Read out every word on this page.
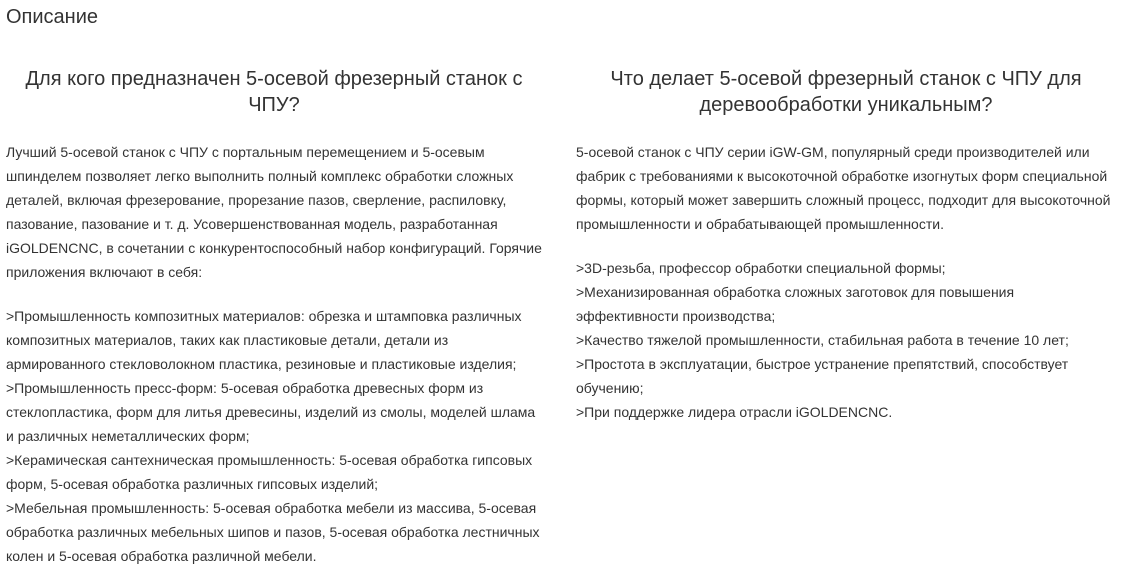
Описание
Для кого предназначен 5-осевой фрезерный станок с ЧПУ?

Лучший 5-осевой станок с ЧПУ с портальным перемещением и 5-осевым шпинделем позволяет легко выполнить полный комплекс обработки сложных деталей, включая фрезерование, прорезание пазов, сверление, распиловку, пазование, пазование и т. д. Усовершенствованная модель, разработанная iGOLDENCNC, в сочетании с конкурентоспособный набор конфигураций. Горячие приложения включают в себя:

>Промышленность композитных материалов: обрезка и штамповка различных композитных материалов, таких как пластиковые детали, детали из армированного стекловолокном пластика, резиновые и пластиковые изделия;

>Промышленность пресс-форм: 5-осевая обработка древесных форм из стеклопластика, форм для литья древесины, изделий из смолы, моделей шлама и различных неметаллических форм;

>Керамическая сантехническая промышленность: 5-осевая обработка гипсовых форм, 5-осевая обработка различных гипсовых изделий;

>Мебельная промышленность: 5-осевая обработка мебели из массива, 5-осевая обработка различных мебельных шипов и пазов, 5-осевая обработка лестничных колен и 5-осевая обработка различной мебели.

Что делает 5-осевой фрезерный станок с ЧПУ для деревообработки уникальным?

5-осевой станок с ЧПУ серии iGW-GM, популярный среди производителей или фабрик с требованиями к высокоточной обработке изогнутых форм специальной формы, который может завершить сложный процесс, подходит для высокоточной промышленности и обрабатывающей промышленности.

>3D-резьба, профессор обработки специальной формы;

>Механизированная обработка сложных заготовок для повышения эффективности производства;

>Качество тяжелой промышленности, стабильная работа в течение 10 лет;

>Простота в эксплуатации, быстрое устранение препятствий, способствует обучению;

>При поддержке лидера отрасли iGOLDENCNC.
